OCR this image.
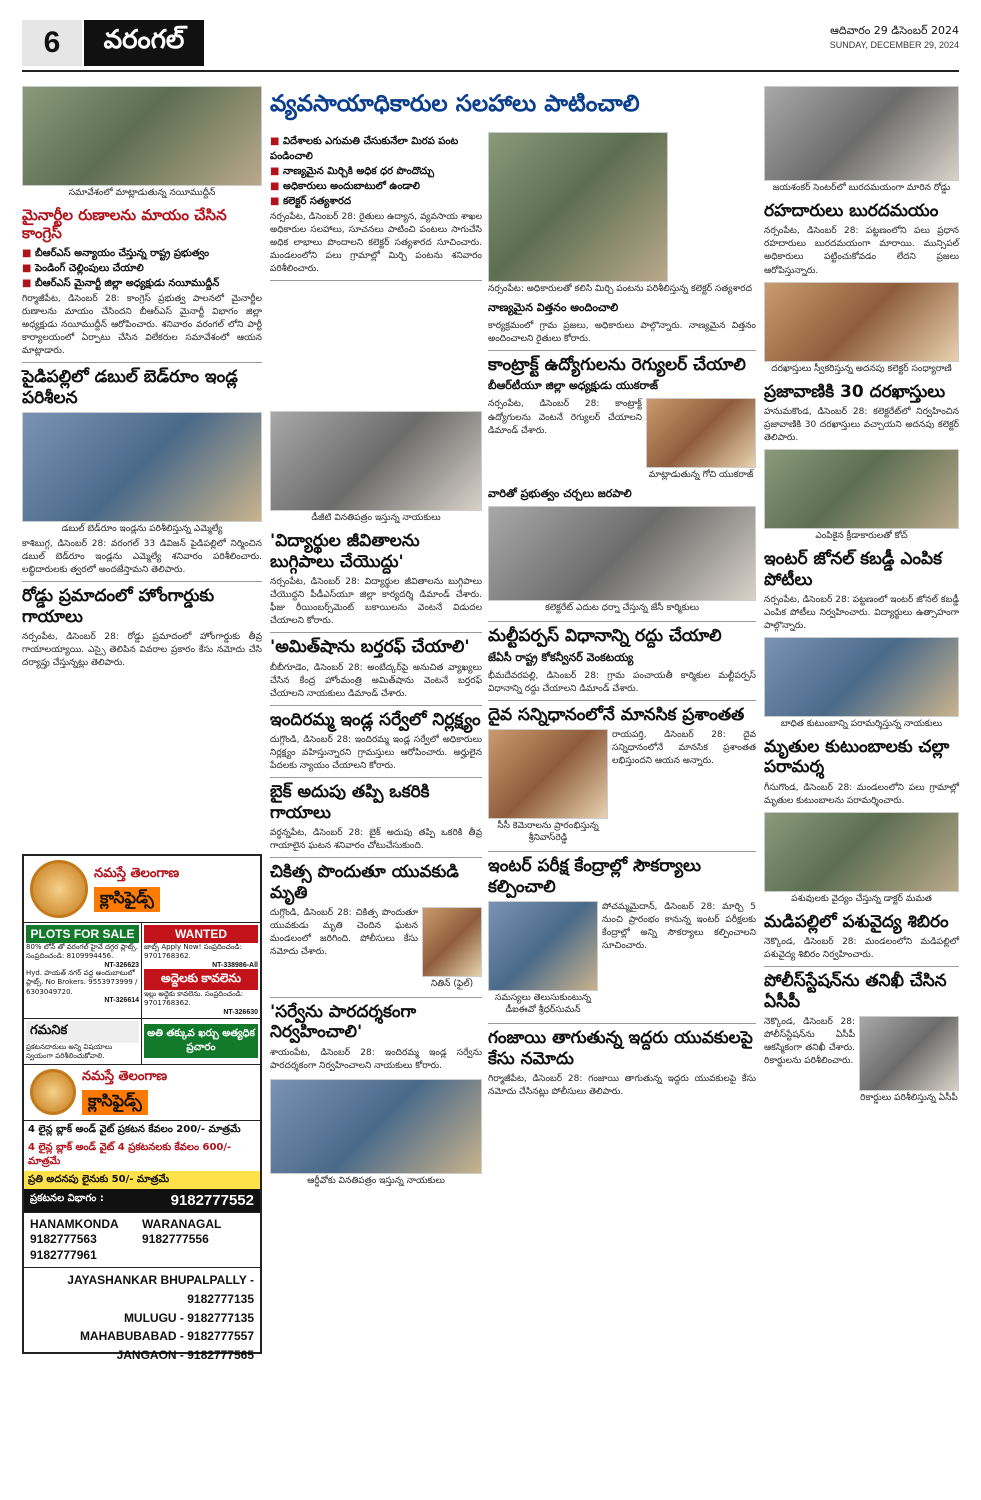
6	వరంగల్	ఆదివారం 29 డిసెంబర్ 2024
SUNDAY, DECEMBER 29, 2024
వ్యవసాయాధికారుల సలహాలు పాటించాలి
సమావేశంలో మాట్లాడుతున్న నయీముద్దీన్
మైనార్టీల రుణాలను మాయం చేసిన కాంగ్రెస్
■ బీఆర్ఎస్ అన్యాయం చేస్తున్న రాష్ట్ర ప్రభుత్వం
■ పెండింగ్ చెల్లింపులు చేయాలి
■ బీఆర్ఎస్ మైనార్టీ జిల్లా అధ్యక్షుడు నయీముద్దీన్

గిర్మాజీపేట, డిసెంబర్ 28: కాంగ్రెస్ ప్రభుత్వ పాలనలో మైనార్టీల రుణాలను మాయం చేసిందని బీఆర్ఎస్ మైనార్టీ విభాగం జిల్లా అధ్యక్షుడు నయీముద్దీన్ ఆరోపించారు. శనివారం వరంగల్ లోని పార్టీ కార్యాలయంలో ఏర్పాటు చేసిన విలేకరుల సమావేశంలో ఆయన మాట్లాడారు.

పైడిపల్లిలో డబుల్ బెడ్‌రూం ఇండ్ల పరిశీలన
డబుల్ బెడ్‌రూం ఇండ్లను పరిశీలిస్తున్న ఎమ్మెల్యే

కాశిబుగ్గ, డిసెంబర్ 28: వరంగల్ 33 డివిజన్ పైడిపల్లిలో నిర్మించిన డబుల్ బెడ్‌రూం ఇండ్లను ఎమ్మెల్యే శనివారం పరిశీలించారు. లబ్ధిదారులకు త్వరలో అందజేస్తామని తెలిపారు.

రోడ్డు ప్రమాదంలో హోంగార్డుకు గాయాలు

నర్సంపేట, డిసెంబర్ 28: రోడ్డు ప్రమాదంలో హోంగార్డుకు తీవ్ర గాయాలయ్యాయి. ఎస్సై తెలిపిన వివరాల ప్రకారం కేసు నమోదు చేసి దర్యాప్తు చేస్తున్నట్లు తెలిపారు.

నమస్తే తెలంగాణ
క్లాసిఫైడ్స్
PLOTS FOR SALE

80% లోన్ తో వరంగల్ హైవే దగ్గర ప్లాట్స్. సంప్రదించండి: 8109994456.

NT-326623

Hyd. హయత్ నగర్ వద్ద అందుబాటులో ప్లాట్స్. No Brokers. 9553973999 / 6303049720.

NT-326614
WANTED

జాబ్స్ Apply Now! సంప్రదించండి: 9701768362.

NT-338986-All
అద్దెలకు కావలెను

ఇల్లు అద్దెకు కావలెను. సంప్రదించండి: 9701768362.

NT-326630
గమనిక

ప్రకటనదారులు అన్ని విషయాలు స్వయంగా పరిశీలించుకోవాలి.

అతి తక్కువ ఖర్చు అత్యధిక ప్రచారం
నమస్తే తెలంగాణ
క్లాసిఫైడ్స్
4 లైన్ల బ్లాక్ అండ్ వైట్ ప్రకటన కేవలం 200/- మాత్రమే
4 లైన్ల బ్లాక్ అండ్ వైట్ 4 ప్రకటనలకు కేవలం 600/- మాత్రమే
ప్రతి అదనపు లైనుకు 50/- మాత్రమే
ప్రకటనల విభాగం :	9182777552
HANAMKONDA
9182777563
9182777961
WARANAGAL
9182777556
JAYASHANKAR BHUPALPALLY - 9182777135
MULUGU - 9182777135
MAHABUBABAD - 9182777557
JANGAON - 9182777565
■ విదేశాలకు ఎగుమతి చేసుకునేలా మిరప పంట పండించాలి
■ నాణ్యమైన మిర్చికి అధిక ధర పొందొచ్చు
■ అధికారులు అందుబాటులో ఉండాలి
■ కలెక్టర్ సత్యశారద

నర్సంపేట, డిసెంబర్ 28: రైతులు ఉద్యాన, వ్యవసాయ శాఖల అధికారుల సలహాలు, సూచనలు పాటించి పంటలు సాగుచేసి అధిక లాభాలు పొందాలని కలెక్టర్ సత్యశారద సూచించారు. మండలంలోని పలు గ్రామాల్లో మిర్చి పంటను శనివారం పరిశీలించారు.

డీజీటి వినతిపత్రం ఇస్తున్న నాయకులు
'విద్యార్థుల జీవితాలను బుగ్గిపాలు చేయొద్దు'

నర్సంపేట, డిసెంబర్ 28: విద్యార్థుల జీవితాలను బుగ్గిపాలు చేయొద్దని పీడీఎస్‌యూ జిల్లా కార్యదర్శి డిమాండ్ చేశారు. ఫీజు రీయింబర్స్‌మెంట్ బకాయిలను వెంటనే విడుదల చేయాలని కోరారు.

'అమిత్‌షాను బర్తరఫ్ చేయాలి'

బీబీగూడెం, డిసెంబర్ 28: అంబేద్కర్‌పై అనుచిత వ్యాఖ్యలు చేసిన కేంద్ర హోంమంత్రి అమిత్‌షాను వెంటనే బర్తరఫ్ చేయాలని నాయకులు డిమాండ్ చేశారు.

ఇందిరమ్మ ఇండ్ల సర్వేలో నిర్లక్ష్యం

దుగ్గొండి, డిసెంబర్ 28: ఇందిరమ్మ ఇండ్ల సర్వేలో అధికారులు నిర్లక్ష్యం వహిస్తున్నారని గ్రామస్తులు ఆరోపించారు. అర్హులైన పేదలకు న్యాయం చేయాలని కోరారు.

బైక్ అదుపు తప్పి ఒకరికి గాయాలు

వర్ధన్నపేట, డిసెంబర్ 28: బైక్ అదుపు తప్పి ఒకరికి తీవ్ర గాయాలైన ఘటన శనివారం చోటుచేసుకుంది.

చికిత్స పొందుతూ యువకుడి మృతి

దుగ్గొండి, డిసెంబర్ 28: చికిత్స పొందుతూ యువకుడు మృతి చెందిన ఘటన మండలంలో జరిగింది. పోలీసులు కేసు నమోదు చేశారు.

నితిన్ (ఫైల్)
'సర్వేను పారదర్శకంగా నిర్వహించాలి'

శాయంపేట, డిసెంబర్ 28: ఇందిరమ్మ ఇండ్ల సర్వేను పారదర్శకంగా నిర్వహించాలని నాయకులు కోరారు.

ఆర్డీవోకు వినతిపత్రం ఇస్తున్న నాయకులు
నర్సంపేట: అధికారులతో కలిసి మిర్చి పంటను పరిశీలిస్తున్న కలెక్టర్ సత్యశారద
నాణ్యమైన విత్తనం అందించాలి

కార్యక్రమంలో గ్రామ ప్రజలు, అధికారులు పాల్గొన్నారు. నాణ్యమైన విత్తనం అందించాలని రైతులు కోరారు.

కాంట్రాక్ట్ ఉద్యోగులను రెగ్యులర్ చేయాలి
బీఆర్‌టీయూ జిల్లా అధ్యక్షుడు యుకరాజ్

నర్సంపేట, డిసెంబర్ 28: కాంట్రాక్ట్ ఉద్యోగులను వెంటనే రెగ్యులర్ చేయాలని డిమాండ్ చేశారు.

మాట్లాడుతున్న గోచి యుకరాజ్
వారితో ప్రభుత్వం చర్చలు జరపాలి
కలెక్టరేట్ ఎదుట ధర్నా చేస్తున్న జేసీ కార్మికులు
మల్టీపర్పస్ విధానాన్ని రద్దు చేయాలి
జేఏసీ రాష్ట్ర కోకన్వీనర్ వెంకటయ్య

భీమదేవరపల్లి, డిసెంబర్ 28: గ్రామ పంచాయతీ కార్మికుల మల్టీపర్పస్ విధానాన్ని రద్దు చేయాలని డిమాండ్ చేశారు.

దైవ సన్నిధానంలోనే మానసిక ప్రశాంతత
సీసీ కెమెరాలను ప్రారంభిస్తున్న శ్రీనివాస్‌రెడ్డి

రాయపర్తి, డిసెంబర్ 28: దైవ సన్నిధానంలోనే మానసిక ప్రశాంతత లభిస్తుందని ఆయన అన్నారు.

ఇంటర్ పరీక్ష కేంద్రాల్లో సౌకర్యాలు కల్పించాలి
సమస్యలు తెలుసుకుంటున్న డీఐఈవో శ్రీధర్‌సుమన్

పోచమ్మమైదాన్, డిసెంబర్ 28: మార్చి 5 నుంచి ప్రారంభం కానున్న ఇంటర్ పరీక్షలకు కేంద్రాల్లో అన్ని సౌకర్యాలు కల్పించాలని సూచించారు.

గంజాయి తాగుతున్న ఇద్దరు యువకులపై కేసు నమోదు

గిర్మాజీపేట, డిసెంబర్ 28: గంజాయి తాగుతున్న ఇద్దరు యువకులపై కేసు నమోదు చేసినట్లు పోలీసులు తెలిపారు.

జయశంకర్ సెంటర్‌లో బురదమయంగా మారిన రోడ్డు
రహదారులు బురదమయం

నర్సంపేట, డిసెంబర్ 28: పట్టణంలోని పలు ప్రధాన రహదారులు బురదమయంగా మారాయి. మున్సిపల్ అధికారులు పట్టించుకోవడం లేదని ప్రజలు ఆరోపిస్తున్నారు.

దరఖాస్తులు స్వీకరిస్తున్న అదనపు కలెక్టర్ సంధ్యారాణి
ప్రజావాణికి 30 దరఖాస్తులు

హనుమకొండ, డిసెంబర్ 28: కలెక్టరేట్‌లో నిర్వహించిన ప్రజావాణికి 30 దరఖాస్తులు వచ్చాయని అదనపు కలెక్టర్ తెలిపారు.

ఎంపికైన క్రీడాకారులతో కోచ్
ఇంటర్ జోనల్ కబడ్డీ ఎంపిక పోటీలు

నర్సంపేట, డిసెంబర్ 28: పట్టణంలో ఇంటర్ జోనల్ కబడ్డీ ఎంపిక పోటీలు నిర్వహించారు. విద్యార్థులు ఉత్సాహంగా పాల్గొన్నారు.

బాధిత కుటుంబాన్ని పరామర్శిస్తున్న నాయకులు
మృతుల కుటుంబాలకు చల్లా పరామర్శ

గీసుగొండ, డిసెంబర్ 28: మండలంలోని పలు గ్రామాల్లో మృతుల కుటుంబాలను పరామర్శించారు.

పశువులకు వైద్యం చేస్తున్న డాక్టర్ మమత
మడిపల్లిలో పశువైద్య శిబిరం

నెక్కొండ, డిసెంబర్ 28: మండలంలోని మడిపల్లిలో పశువైద్య శిబిరం నిర్వహించారు.

పోలీస్‌స్టేషన్‌ను తనిఖీ చేసిన ఏసీపీ

నెక్కొండ, డిసెంబర్ 28: పోలీస్‌స్టేషన్‌ను ఏసీపీ ఆకస్మికంగా తనిఖీ చేశారు. రికార్డులను పరిశీలించారు.

రికార్డులు పరిశీలిస్తున్న ఏసీపీ
